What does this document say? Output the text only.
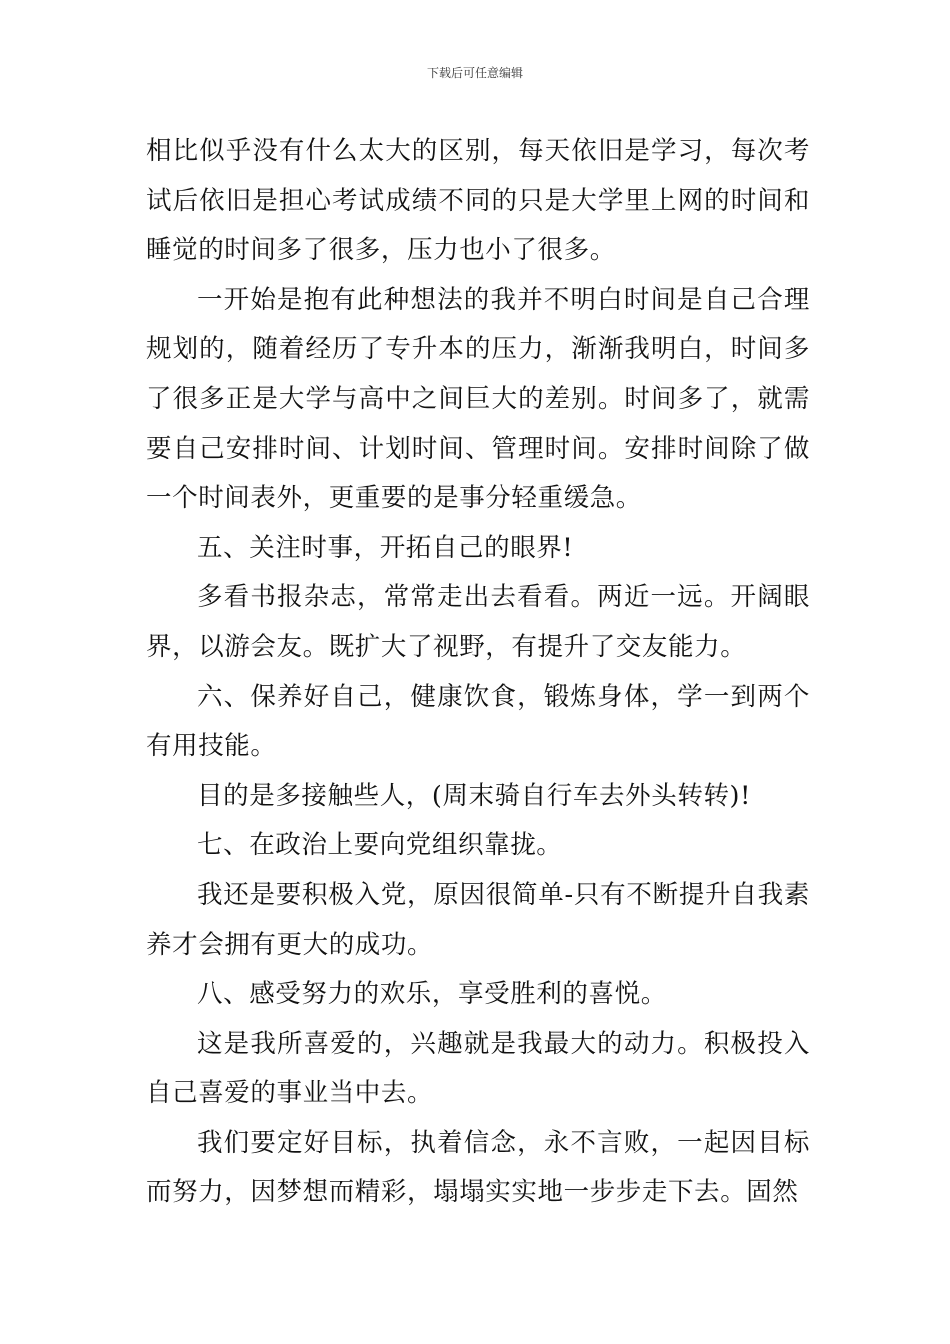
下载后可任意编辑

相比似乎没有什么太大的区别，每天依旧是学习，每次考试后依旧是担心考试成绩不同的只是大学里上网的时间和睡觉的时间多了很多，压力也小了很多。

一开始是抱有此种想法的我并不明白时间是自己合理规划的，随着经历了专升本的压力，渐渐我明白，时间多了很多正是大学与高中之间巨大的差别。时间多了，就需要自己安排时间、计划时间、管理时间。安排时间除了做一个时间表外，更重要的是事分轻重缓急。

五、关注时事，开拓自己的眼界!

多看书报杂志，常常走出去看看。两近一远。开阔眼界，以游会友。既扩大了视野，有提升了交友能力。

六、保养好自己，健康饮食，锻炼身体，学一到两个有用技能。

目的是多接触些人，(周末骑自行车去外头转转)!

七、在政治上要向党组织靠拢。

我还是要积极入党，原因很简单-只有不断提升自我素养才会拥有更大的成功。

八、感受努力的欢乐，享受胜利的喜悦。

这是我所喜爱的，兴趣就是我最大的动力。积极投入自己喜爱的事业当中去。

我们要定好目标，执着信念，永不言败，一起因目标而努力，因梦想而精彩，塌塌实实地一步步走下去。固然
